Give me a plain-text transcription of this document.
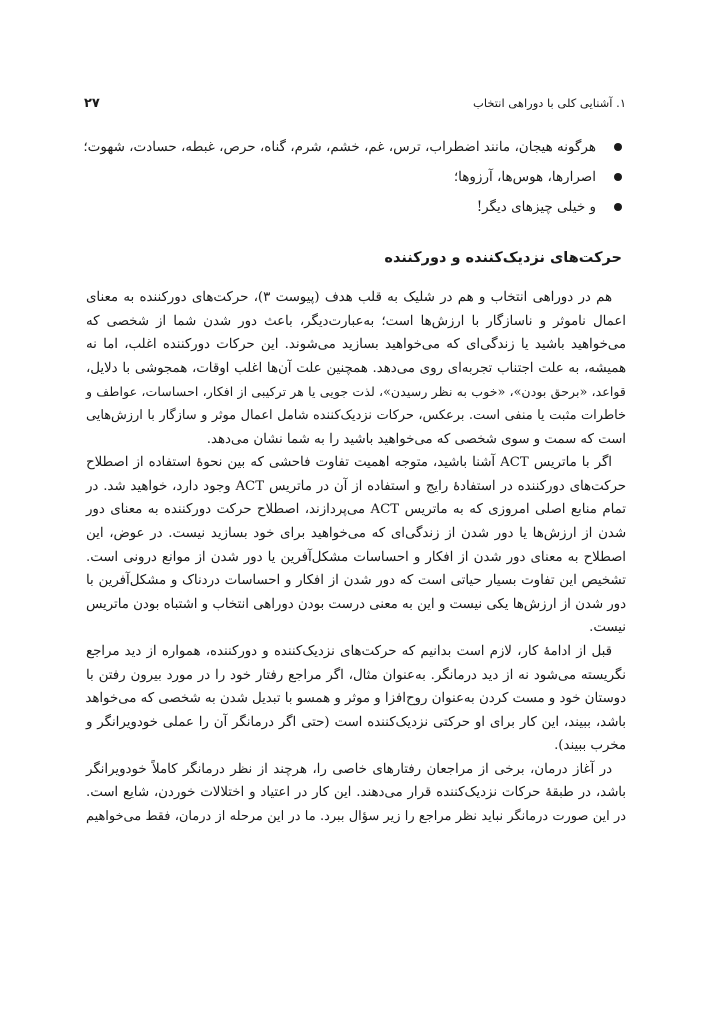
۱. آشنایی کلی با دوراهی انتخاب
۲۷
هرگونه هیجان، مانند اضطراب، ترس، غم، خشم، شرم، گناه، حرص، غبطه، حسادت، شهوت؛
اصرارها، هوس‌ها، آرزوها؛
و خیلی چیزهای دیگر!
حرکت‌های نزدیک‌کننده و دورکننده
هم در دوراهی انتخاب و هم در شلیک به قلب هدف (پیوست ۳)، حرکت‌های دورکننده به معنای
اعمال ناموثر و ناسازگار با ارزش‌ها است؛ به‌عبارت‌دیگر، باعث دور شدن شما از شخصی که
می‌خواهید باشید یا زندگی‌ای که می‌خواهید بسازید می‌شوند. این حرکات دورکننده اغلب، اما نه
همیشه، به علت اجتناب تجربه‌ای روی می‌دهد. همچنین علت آن‌ها اغلب اوقات، همجوشی با دلایل،
قواعد، «برحق بودن»، «خوب به نظر رسیدن»، لذت جویی یا هر ترکیبی از افکار، احساسات، عواطف و
خاطرات مثبت یا منفی است. برعکس، حرکات نزدیک‌کننده شامل اعمال موثر و سازگار با ارزش‌هایی
است که سمت و سوی شخصی که می‌خواهید باشید را به شما نشان می‌دهد.
اگر با ماتریس ACT آشنا باشید، متوجه اهمیت تفاوت فاحشی که بین نحوهٔ استفاده از اصطلاح
حرکت‌های دورکننده در استفادهٔ رایج و استفاده از آن در ماتریس ACT وجود دارد، خواهید شد. در
تمام منابع اصلی امروزی که به ماتریس ACT می‌پردازند، اصطلاح حرکت دورکننده به معنای دور
شدن از ارزش‌ها یا دور شدن از زندگی‌ای که می‌خواهید برای خود بسازید نیست. در عوض، این
اصطلاح به معنای دور شدن از افکار و احساسات مشکل‌آفرین یا دور شدن از موانع درونی است.
تشخیص این تفاوت بسیار حیاتی است که دور شدن از افکار و احساسات دردناک و مشکل‌آفرین با
دور شدن از ارزش‌ها یکی نیست و این به معنی درست بودن دوراهی انتخاب و اشتباه بودن ماتریس
نیست.
قبل از ادامهٔ کار، لازم است بدانیم که حرکت‌های نزدیک‌کننده و دورکننده، همواره از دید مراجع
نگریسته می‌شود نه از دید درمانگر. به‌عنوان مثال، اگر مراجع رفتار خود را در مورد بیرون رفتن با
دوستان خود و مست کردن به‌عنوان روح‌افزا و موثر و همسو با تبدیل شدن به شخصی که می‌خواهد
باشد، ببیند، این کار برای او حرکتی نزدیک‌کننده است (حتی اگر درمانگر آن را عملی خودویرانگر و
مخرب ببیند).
در آغاز درمان، برخی از مراجعان رفتارهای خاصی را، هرچند از نظر درمانگر کاملاً خودویرانگر
باشد، در طبقهٔ حرکات نزدیک‌کننده قرار می‌دهند. این کار در اعتیاد و اختلالات خوردن، شایع است.
در این صورت درمانگر نباید نظر مراجع را زیر سؤال ببرد. ما در این مرحله از درمان، فقط می‌خواهیم
